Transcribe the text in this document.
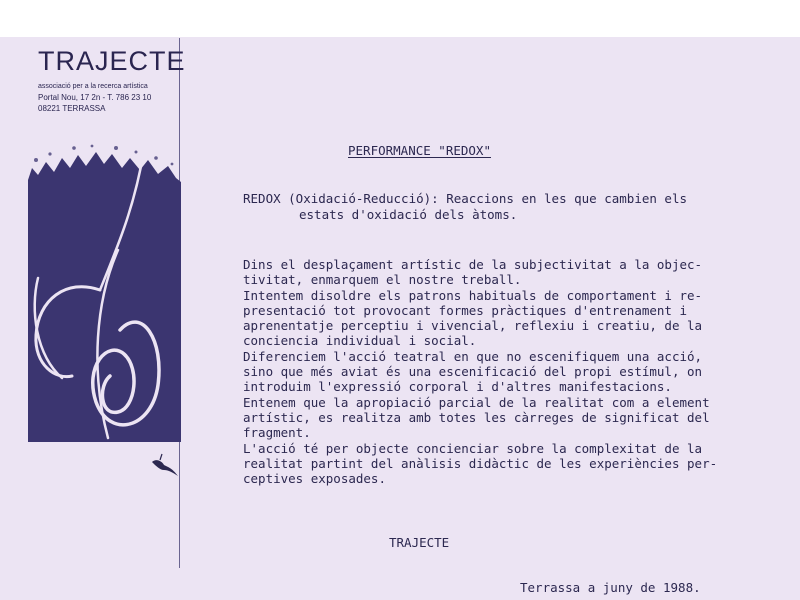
TRAJECTE
associació per a la recerca artística
Portal Nou, 17 2n - T. 786 23 10
08221 TERRASSA
PERFORMANCE "REDOX"
REDOX (Oxidació-Reducció): Reaccions en les que cambien els
estats d'oxidació dels àtoms.
Dins el desplaçament artístic de la subjectivitat a la objec-
tivitat, enmarquem el nostre treball.
Intentem disoldre els patrons habituals de comportament i re-
presentació tot provocant formes pràctiques d'entrenament i
aprenentatje perceptiu i vivencial, reflexiu i creatiu, de la
conciencia individual i social.
Diferenciem l'acció teatral en que no escenifiquem una acció,
sino que més aviat és una escenificació del propi estímul, on
introduim l'expressió corporal i d'altres manifestacions.
Entenem que la apropiació parcial de la realitat com a element
artístic, es realitza amb totes les càrreges de significat del
fragment.
L'acció té per objecte concienciar sobre la complexitat de la
realitat partint del anàlisis didàctic de les experiències per-
ceptives exposades.
TRAJECTE
Terrassa a juny de 1988.
